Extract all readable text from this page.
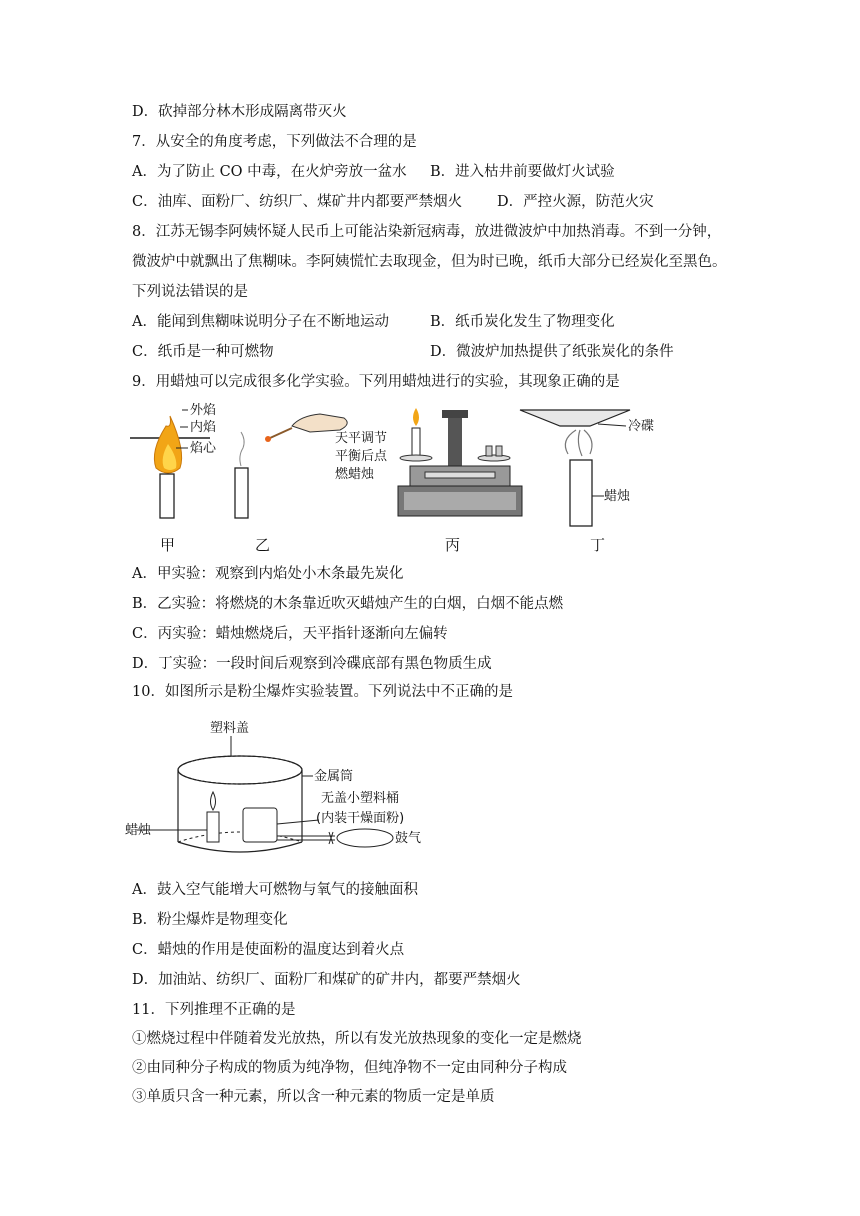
D．砍掉部分林木形成隔离带灭火
7．从安全的角度考虑，下列做法不合理的是
A．为了防止 CO 中毒，在火炉旁放一盆水 B．进入枯井前要做灯火试验
C．油库、面粉厂、纺织厂、煤矿井内都要严禁烟火 D．严控火源，防范火灾
8．江苏无锡李阿姨怀疑人民币上可能沾染新冠病毒，放进微波炉中加热消毒。不到一分钟，
微波炉中就飘出了焦糊味。李阿姨慌忙去取现金，但为时已晚，纸币大部分已经炭化至黑色。
下列说法错误的是
A．能闻到焦糊味说明分子在不断地运动	B．纸币炭化发生了物理变化
C．纸币是一种可燃物	D．微波炉加热提供了纸张炭化的条件
9．用蜡烛可以完成很多化学实验。下列用蜡烛进行的实验，其现象正确的是
外焰
内焰
焰心
天平调节
平衡后点
燃蜡烛
冷碟
蜡烛
甲	乙	丙	丁
A．甲实验：观察到内焰处小木条最先炭化
B．乙实验：将燃烧的木条靠近吹灭蜡烛产生的白烟，白烟不能点燃
C．丙实验：蜡烛燃烧后，天平指针逐渐向左偏转
D．丁实验：一段时间后观察到冷碟底部有黑色物质生成
10．如图所示是粉尘爆炸实验装置。下列说法中不正确的是
塑料盖
金属筒
无盖小塑料桶
(内装干燥面粉)
蜡烛
鼓气
A．鼓入空气能增大可燃物与氧气的接触面积
B．粉尘爆炸是物理变化
C．蜡烛的作用是使面粉的温度达到着火点
D．加油站、纺织厂、面粉厂和煤矿的矿井内，都要严禁烟火
11．下列推理不正确的是
①燃烧过程中伴随着发光放热，所以有发光放热现象的变化一定是燃烧
②由同种分子构成的物质为纯净物，但纯净物不一定由同种分子构成
③单质只含一种元素，所以含一种元素的物质一定是单质
